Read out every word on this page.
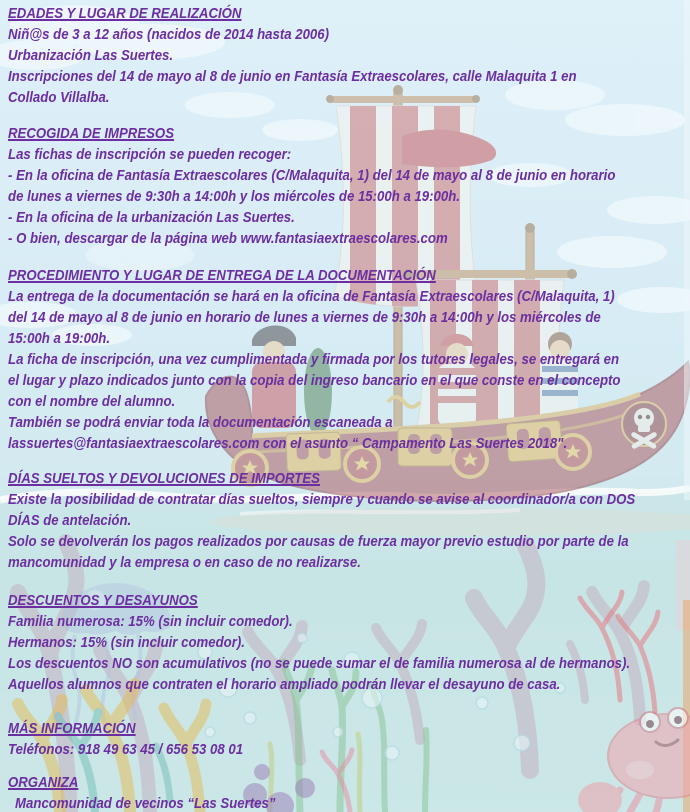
EDADES Y LUGAR DE REALIZACIÓN

Niñ@s de 3 a 12 años (nacidos de 2014 hasta 2006)

Urbanización Las Suertes.

Inscripciones del 14 de mayo al 8 de junio en Fantasía Extraescolares, calle Malaquita 1 en

Collado Villalba.

RECOGIDA DE IMPRESOS

Las fichas de inscripción se pueden recoger:

- En la oficina de Fantasía Extraescolares (C/Malaquita, 1) del 14 de mayo al 8 de junio en horario

de lunes a viernes de 9:30h a 14:00h y los miércoles de 15:00h a 19:00h.

- En la oficina de la urbanización Las Suertes.

- O bien, descargar de la página web www.fantasiaextraescolares.com

PROCEDIMIENTO Y LUGAR DE ENTREGA DE LA DOCUMENTACIÓN

La entrega de la documentación se hará en la oficina de Fantasía Extraescolares (C/Malaquita, 1)

del 14 de mayo al 8 de junio en horario de lunes a viernes de 9:30h a 14:00h y los miércoles de

15:00h a 19:00h.

La ficha de inscripción, una vez cumplimentada y firmada por los tutores legales, se entregará en

el lugar y plazo indicados junto con la copia del ingreso bancario en el que conste en el concepto

con el nombre del alumno.

También se podrá enviar toda la documentación escaneada a

lassuertes@fantasiaextraescolares.com con el asunto “ Campamento Las Suertes 2018".

DÍAS SUELTOS Y DEVOLUCIONES DE IMPORTES

Existe la posibilidad de contratar días sueltos, siempre y cuando se avise al coordinador/a con DOS

DÍAS de antelación.

Solo se devolverán los pagos realizados por causas de fuerza mayor previo estudio por parte de la

mancomunidad y la empresa o en caso de no realizarse.

DESCUENTOS Y DESAYUNOS

Familia numerosa: 15% (sin incluir comedor).

Hermanos: 15% (sin incluir comedor).

Los descuentos NO son acumulativos (no se puede sumar el de familia numerosa al de hermanos).

Aquellos alumnos que contraten el horario ampliado podrán llevar el desayuno de casa.

MÁS INFORMACIÓN

Teléfonos: 918 49 63 45 / 656 53 08 01

ORGANIZA

Mancomunidad de vecinos “Las Suertes”
